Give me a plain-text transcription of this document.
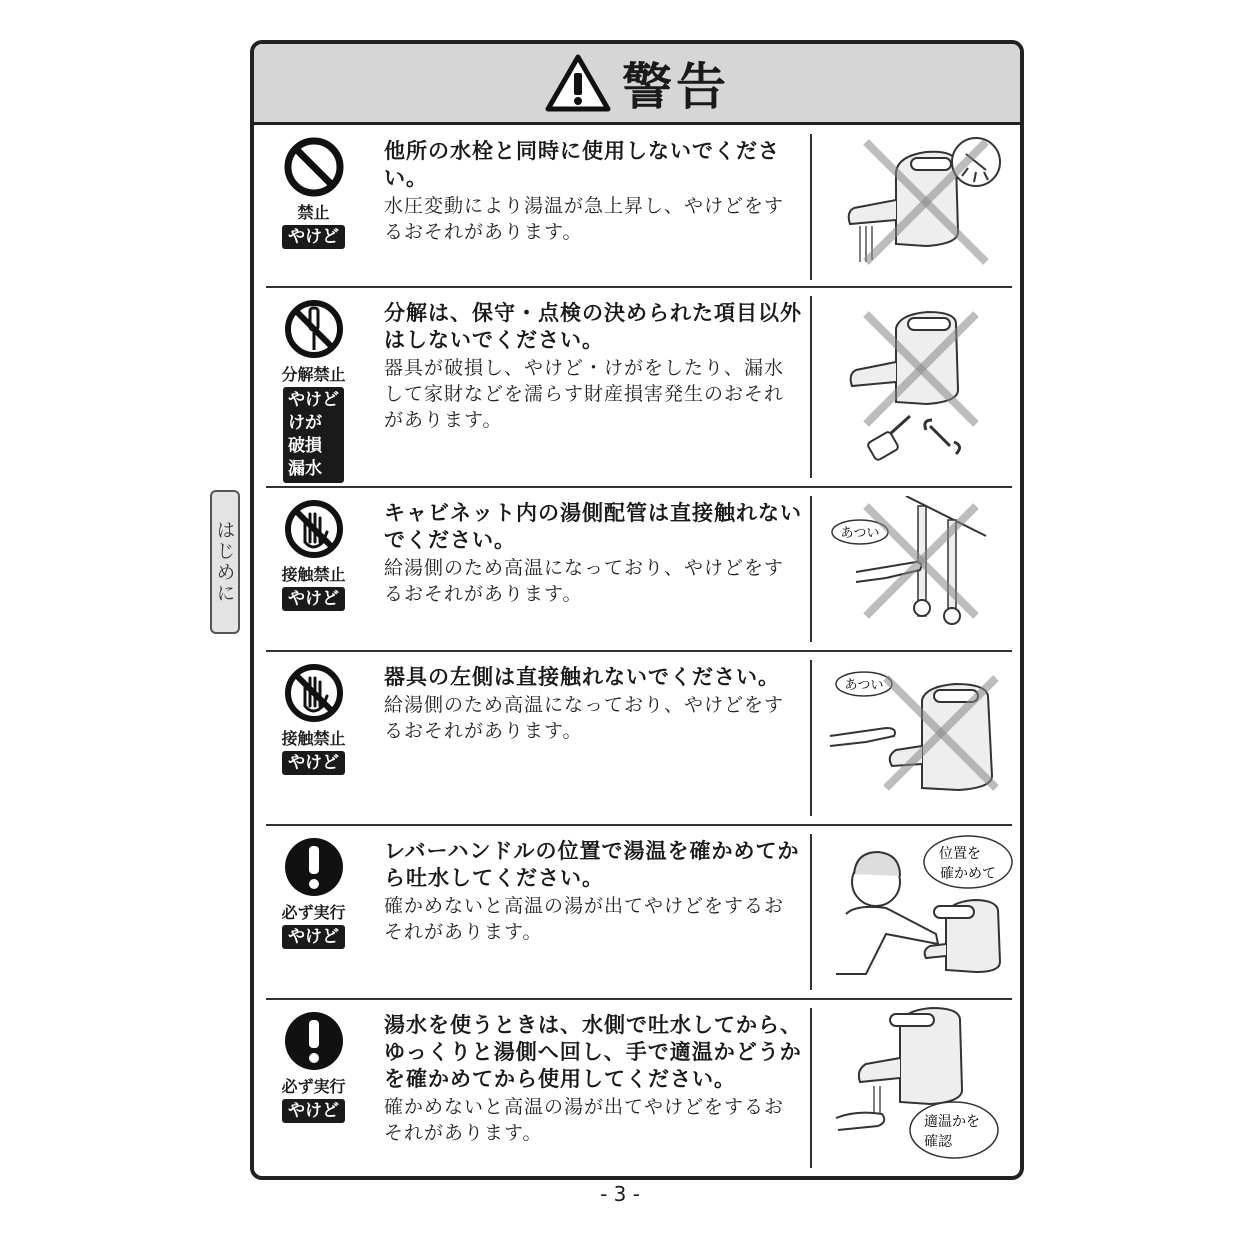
はじめに
警告
禁止
やけど
他所の水栓と同時に使用しないでください。
水圧変動により湯温が急上昇し、やけどをするおそれがあります。
分解禁止
やけど
けが
破損
漏水
分解は、保守・点検の決められた項目以外はしないでください。
器具が破損し、やけど・けがをしたり、漏水して家財などを濡らす財産損害発生のおそれがあります。
接触禁止
やけど
キャビネット内の湯側配管は直接触れないでください。
給湯側のため高温になっており、やけどをするおそれがあります。
あつい
接触禁止
やけど
器具の左側は直接触れないでください。
給湯側のため高温になっており、やけどをするおそれがあります。
あつい
必ず実行
やけど
レバーハンドルの位置で湯温を確かめてから吐水してください。
確かめないと高温の湯が出てやけどをするおそれがあります。
位置を
確かめて
必ず実行
やけど
湯水を使うときは、水側で吐水してから、ゆっくりと湯側へ回し、手で適温かどうかを確かめてから使用してください。
確かめないと高温の湯が出てやけどをするおそれがあります。	適温かを
確認
- 3 -
